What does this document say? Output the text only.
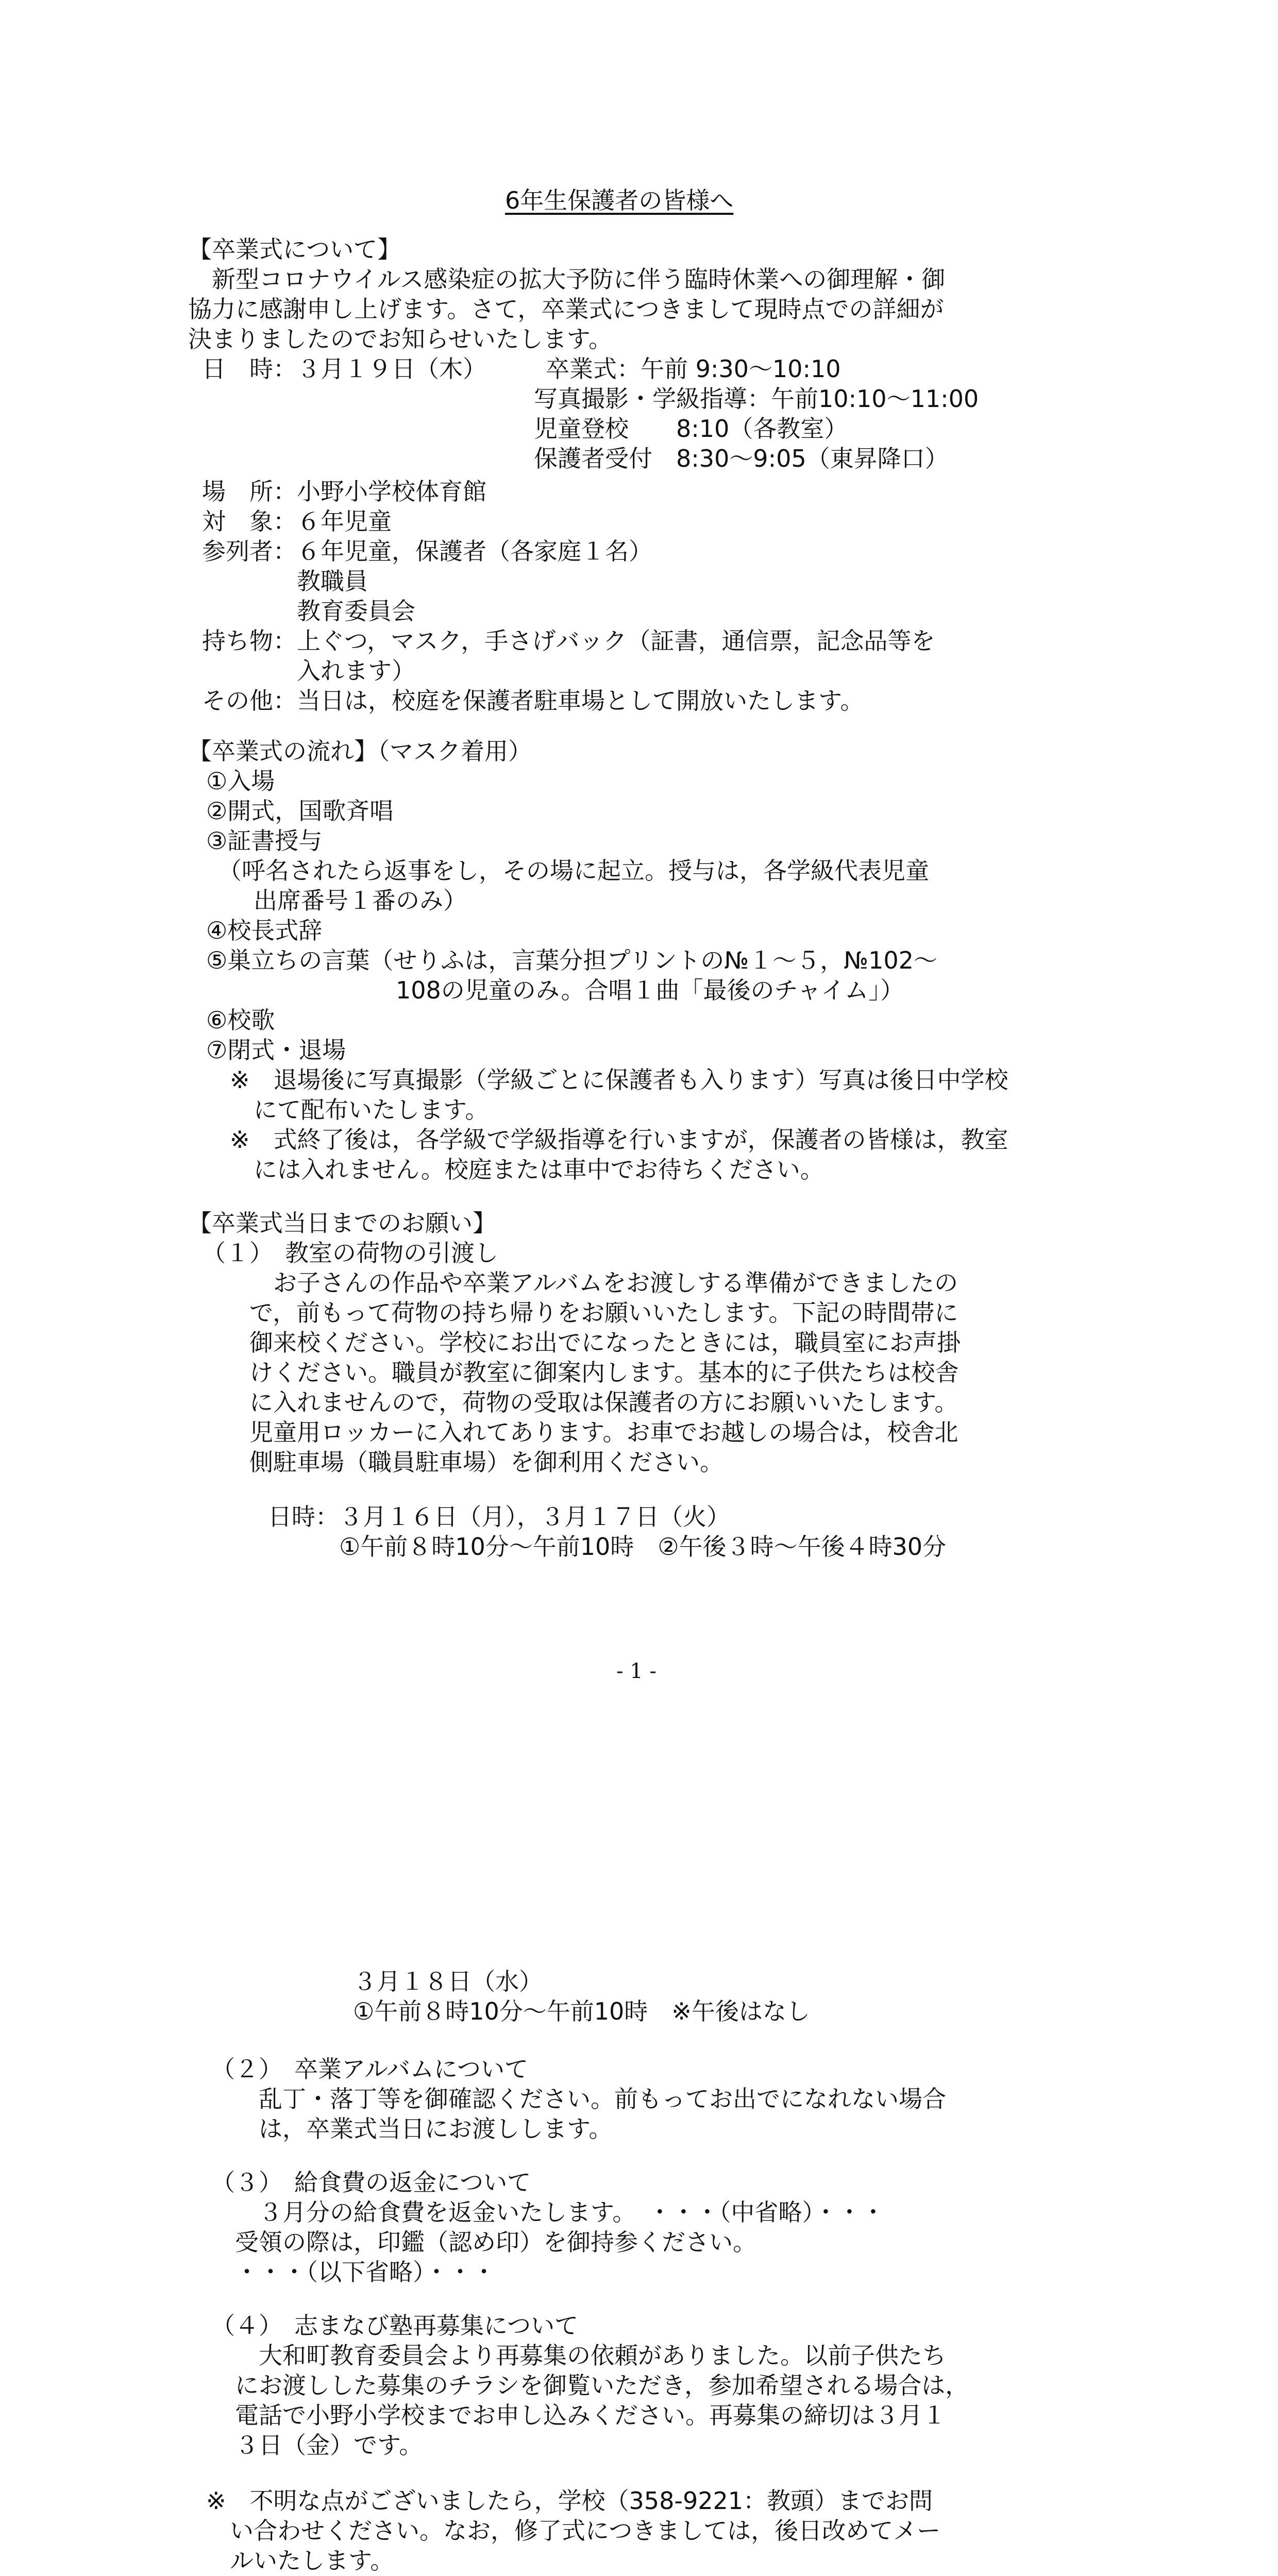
6年生保護者の皆様へ
【卒業式について】
　新型コロナウイルス感染症の拡大予防に伴う臨時休業への御理解・御
協力に感謝申し上げます。さて，卒業式につきまして現時点での詳細が
決まりましたのでお知らせいたします。
日　時：３月１９日（木）　　　卒業式：午前 9:30～10:10
　　　　　　　　　　　　　　写真撮影・学級指導：午前10:10～11:00
　　　　　　　　　　　　　　児童登校　　8:10（各教室）
　　　　　　　　　　　　　　保護者受付　8:30～9:05（東昇降口）
場　所：小野小学校体育館
対　象：６年児童
参列者：６年児童，保護者（各家庭１名）
　　　　教職員
　　　　教育委員会
持ち物：上ぐつ，マスク，手さげバック（証書，通信票，記念品等を
　　　　入れます）
その他：当日は，校庭を保護者駐車場として開放いたします。
【卒業式の流れ】（マスク着用）
①入場
②開式，国歌斉唱
③証書授与
　（呼名されたら返事をし，その場に起立。授与は，各学級代表児童
　　出席番号１番のみ）
④校長式辞
⑤巣立ちの言葉（せりふは，言葉分担プリントの№１～５，№102～
　　　　　　　　108の児童のみ。合唱１曲「最後のチャイム」）
⑥校歌
⑦閉式・退場
　※　退場後に写真撮影（学級ごとに保護者も入ります）写真は後日中学校
　　にて配布いたします。
　※　式終了後は，各学級で学級指導を行いますが，保護者の皆様は，教室
　　には入れません。校庭または車中でお待ちください。
【卒業式当日までのお願い】
（１）　教室の荷物の引渡し
　　　お子さんの作品や卒業アルバムをお渡しする準備ができましたの
　　で，前もって荷物の持ち帰りをお願いいたします。下記の時間帯に
　　御来校ください。学校にお出でになったときには，職員室にお声掛
　　けください。職員が教室に御案内します。基本的に子供たちは校舎
　　に入れませんので，荷物の受取は保護者の方にお願いいたします。
　　児童用ロッカーに入れてあります。お車でお越しの場合は，校舎北
　　側駐車場（職員駐車場）を御利用ください。
日時：３月１６日（月），３月１７日（火）
　　　①午前８時10分～午前10時　②午後３時～午後４時30分
- 1 -
３月１８日（水）
①午前８時10分～午前10時　※午後はなし
（２）　卒業アルバムについて
　　乱丁・落丁等を御確認ください。前もってお出でになれない場合
　　は，卒業式当日にお渡しします。
（３）　給食費の返金について
　　３月分の給食費を返金いたします。　・・・（中省略）・・・
　受領の際は，印鑑（認め印）を御持参ください。
　・・・（以下省略）・・・
（４）　志まなび塾再募集について
　　大和町教育委員会より再募集の依頼がありました。以前子供たち
　にお渡しした募集のチラシを御覧いただき，参加希望される場合は，
　電話で小野小学校までお申し込みください。再募集の締切は３月１
　３日（金）です。
※　不明な点がございましたら，学校（358-9221：教頭）までお問
　い合わせください。なお，修了式につきましては，後日改めてメー
　ルいたします。
